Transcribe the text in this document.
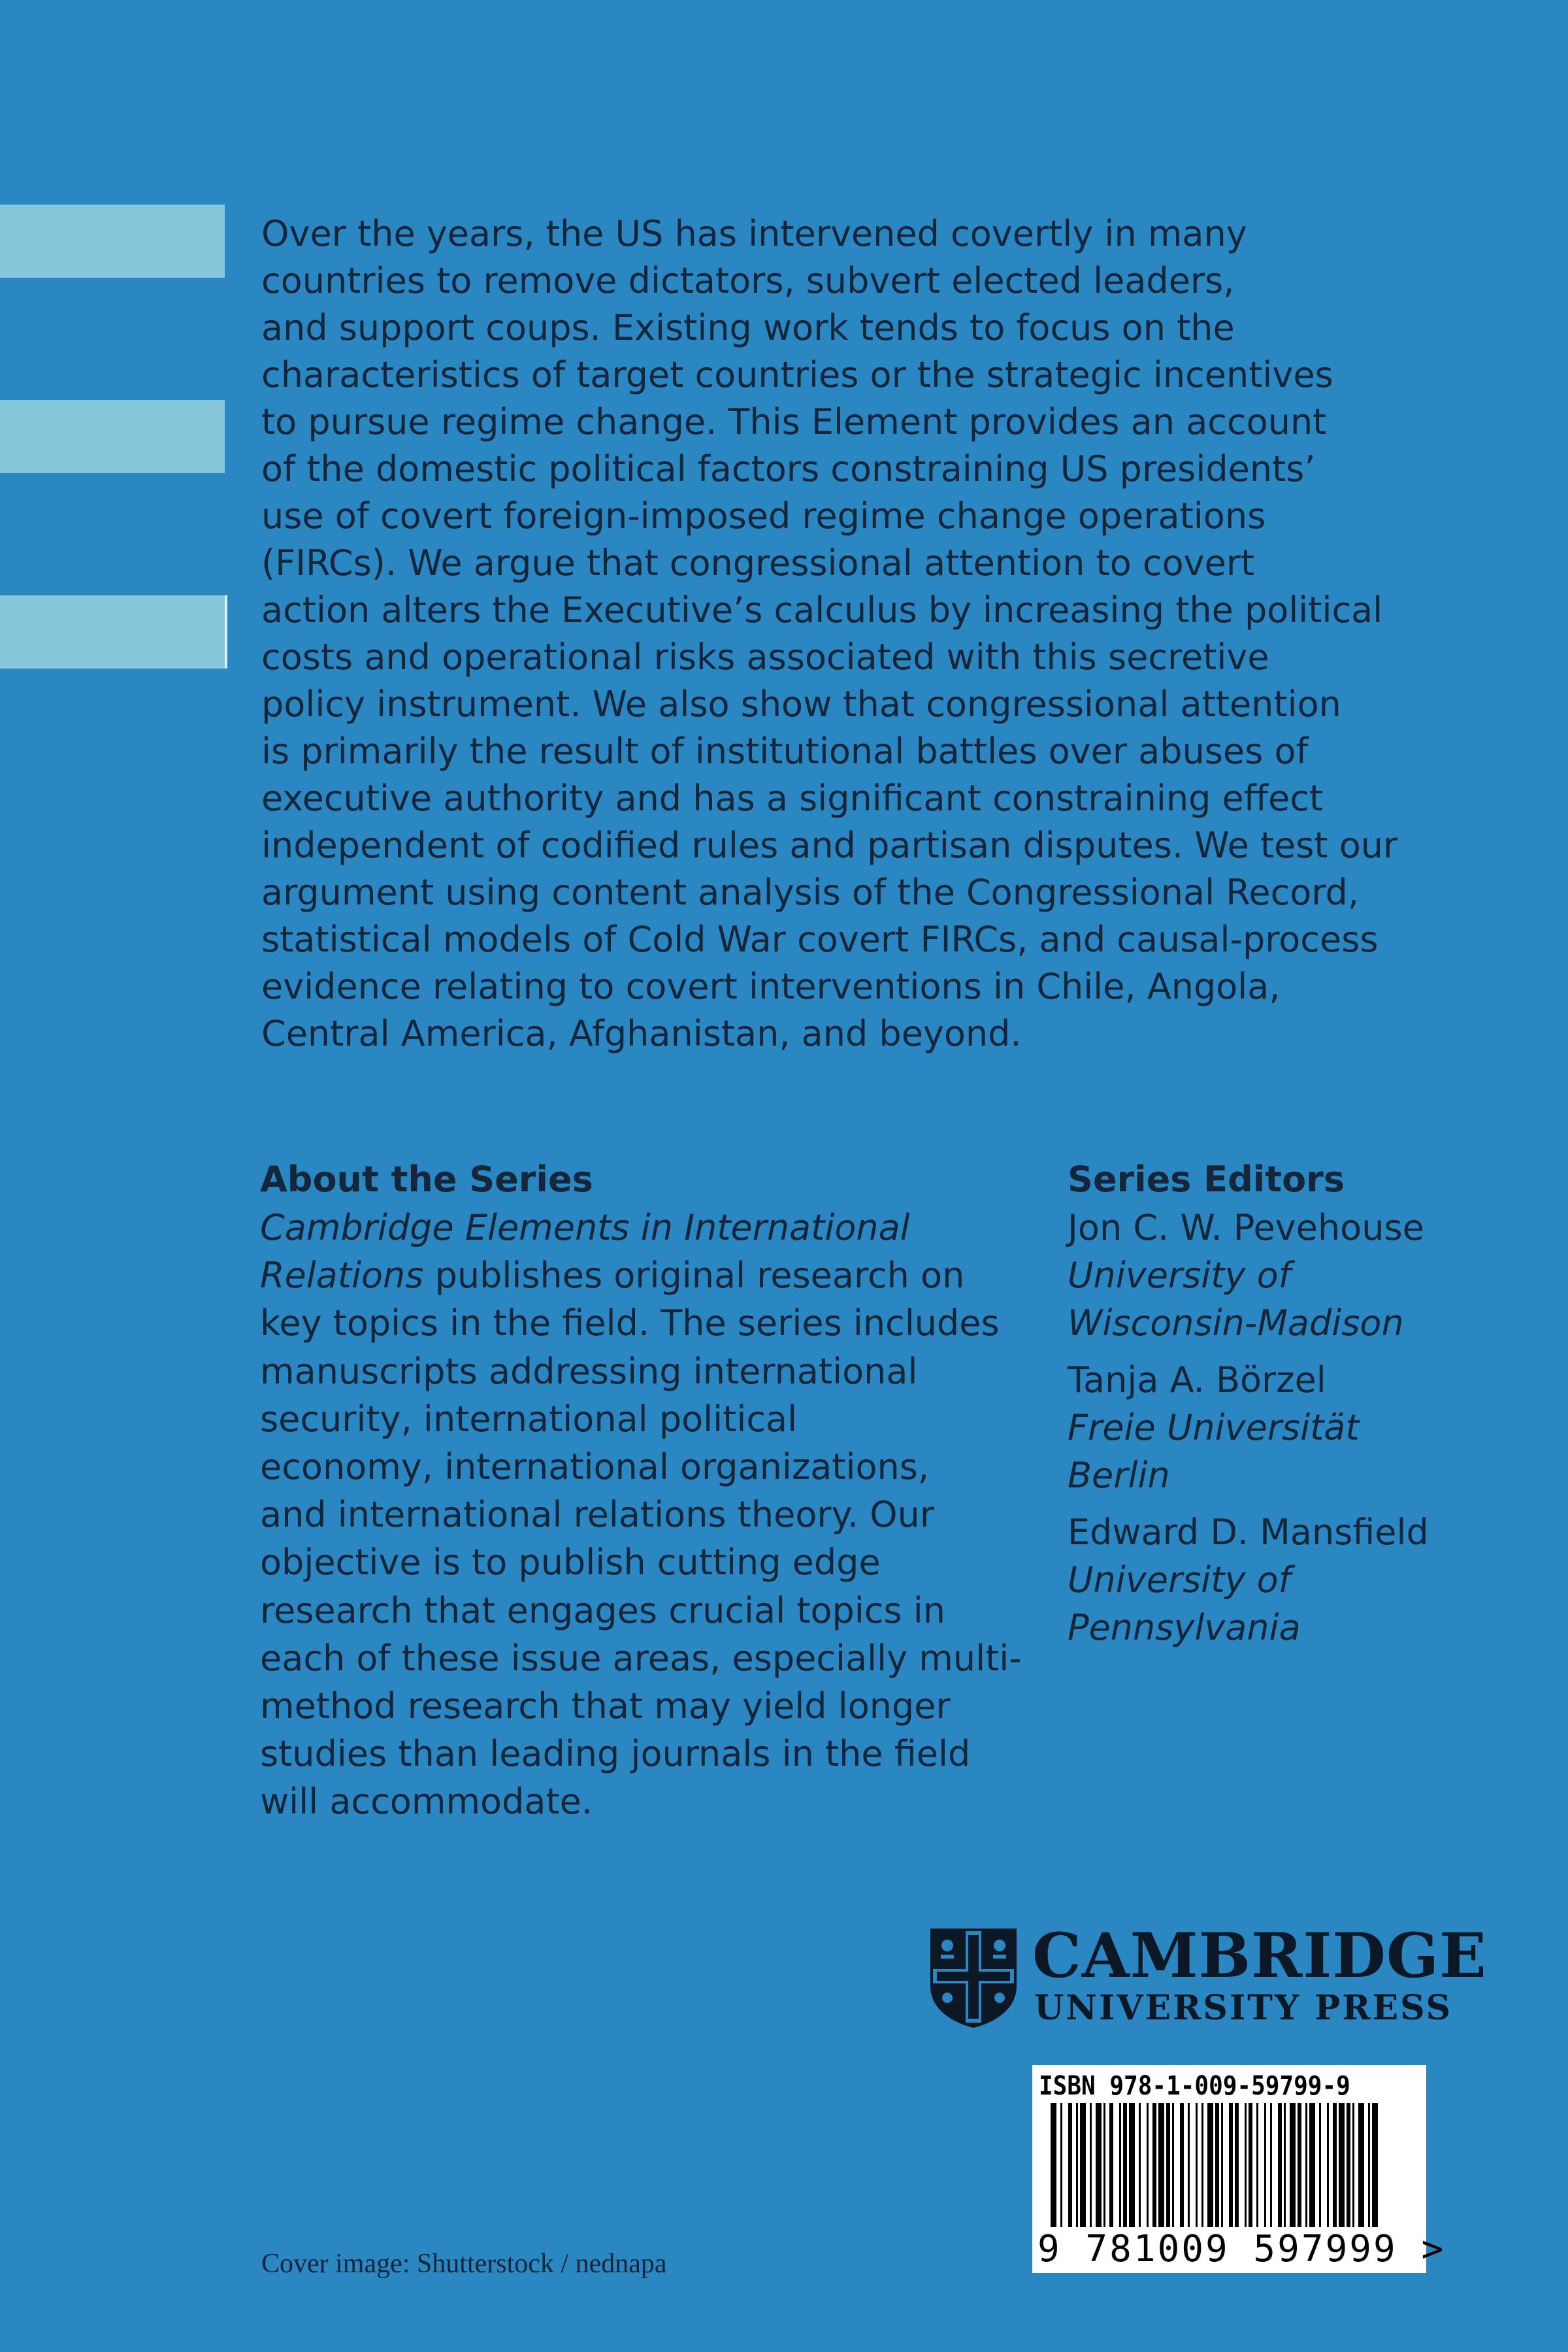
Over the years, the US has intervened covertly in many
countries to remove dictators, subvert elected leaders,
and support coups. Existing work tends to focus on the
characteristics of target countries or the strategic incentives
to pursue regime change. This Element provides an account
of the domestic political factors constraining US presidents’
use of covert foreign-imposed regime change operations
(FIRCs). We argue that congressional attention to covert
action alters the Executive’s calculus by increasing the political
costs and operational risks associated with this secretive
policy instrument. We also show that congressional attention
is primarily the result of institutional battles over abuses of
executive authority and has a significant constraining effect
independent of codified rules and partisan disputes. We test our
argument using content analysis of the Congressional Record,
statistical models of Cold War covert FIRCs, and causal-process
evidence relating to covert interventions in Chile, Angola,
Central America, Afghanistan, and beyond.

About the Series
Cambridge Elements in International
Relations publishes original research on
key topics in the field. The series includes
manuscripts addressing international
security, international political
economy, international organizations,
and international relations theory. Our
objective is to publish cutting edge
research that engages crucial topics in
each of these issue areas, especially multi-
method research that may yield longer
studies than leading journals in the field
will accommodate.
Series Editors
Jon C. W. Pevehouse
University of
Wisconsin-Madison
Tanja A. Börzel
Freie Universität
Berlin
Edward D. Mansfield
University of
Pennsylvania
CAMBRIDGE
UNIVERSITY PRESS
ISBN 978-1-009-59799-9
9 781009 597999 >
Cover image: Shutterstock / nednapa
